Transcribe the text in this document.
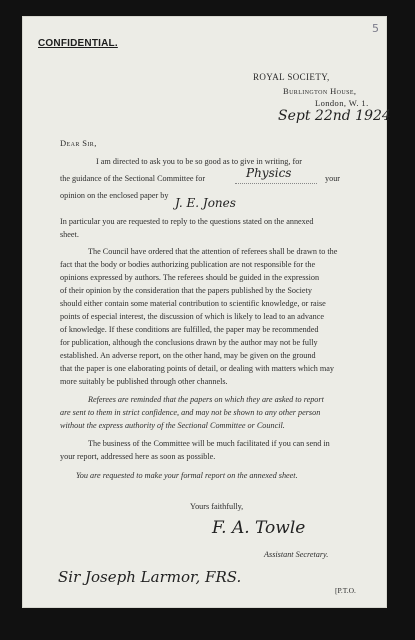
5
CONFIDENTIAL.
ROYAL SOCIETY,
Burlington House,
London, W. 1.
Sept 22nd 1924
Dear Sir,
I am directed to ask you to be so good as to give in writing, for
the guidance of the Sectional Committee for	Physics	your
opinion on the enclosed paper by
J. E. Jones
In particular you are requested to reply to the questions stated on the annexed
sheet.
The Council have ordered that the attention of referees shall be drawn to the
fact that the body or bodies authorizing publication are not responsible for the
opinions expressed by authors. The referees should be guided in the expression
of their opinion by the consideration that the papers published by the Society
should either contain some material contribution to scientific knowledge, or raise
points of especial interest, the discussion of which is likely to lead to an advance
of knowledge. If these conditions are fulfilled, the paper may be recommended
for publication, although the conclusions drawn by the author may not be fully
established. An adverse report, on the other hand, may be given on the ground
that the paper is one elaborating points of detail, or dealing with matters which may
more suitably be published through other channels.
Referees are reminded that the papers on which they are asked to report
are sent to them in strict confidence, and may not be shown to any other person
without the express authority of the Sectional Committee or Council.
The business of the Committee will be much facilitated if you can send in
your report, addressed here as soon as possible.
You are requested to make your formal report on the annexed sheet.
Yours faithfully,
F. A. Towle
Assistant Secretary.
Sir Joseph Larmor, FRS.
[P.T.O.
